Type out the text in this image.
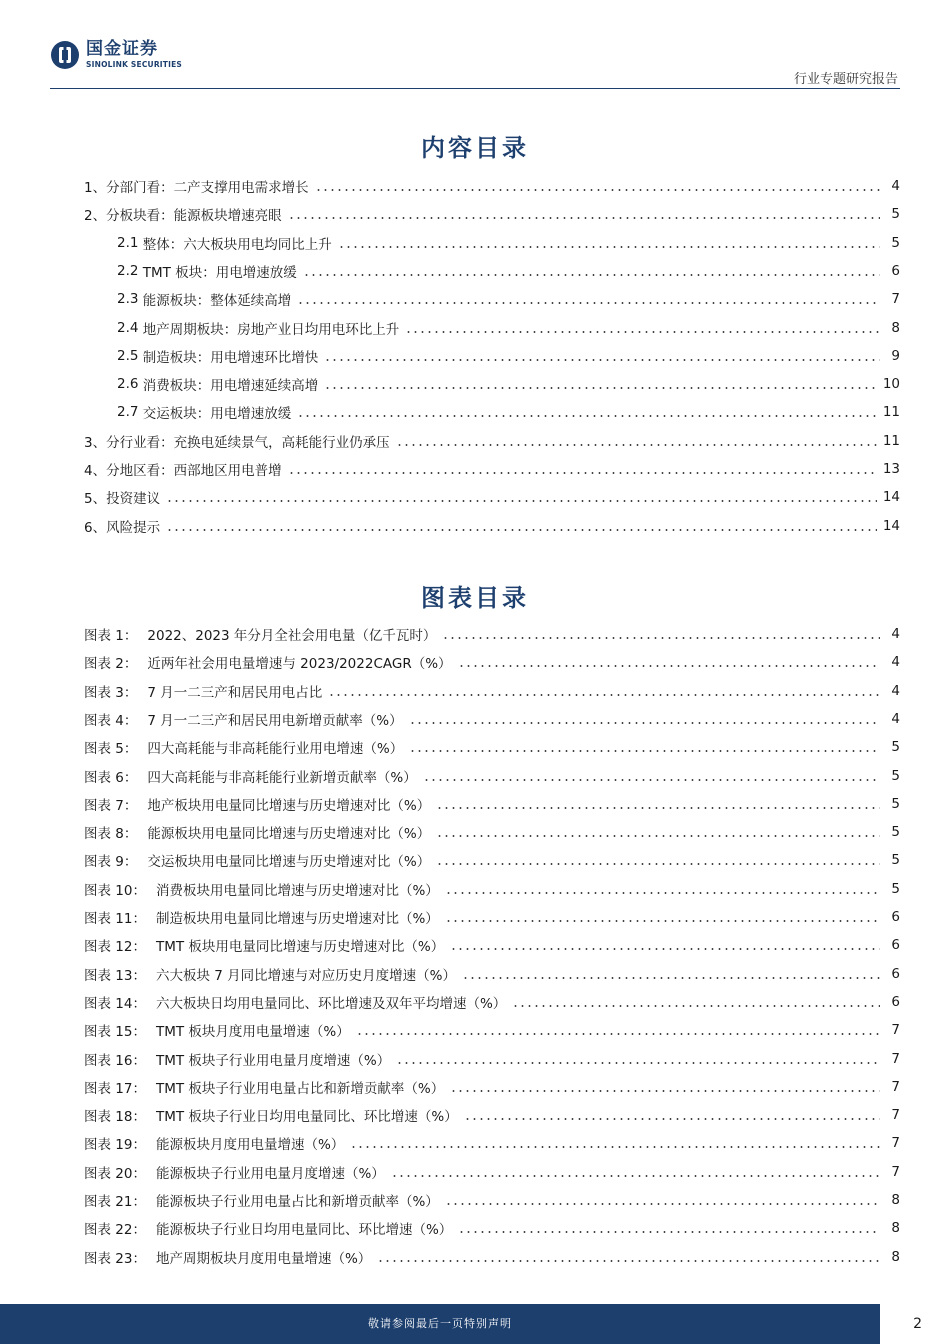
国金证券
SINOLINK SECURITIES
行业专题研究报告
内容目录
1、 分部门看：二产支撑用电需求增长	4
2、 分板块看：能源板块增速亮眼	5
2.1 整体：六大板块用电均同比上升	5
2.2 TMT 板块：用电增速放缓	6
2.3 能源板块：整体延续高增	7
2.4 地产周期板块：房地产业日均用电环比上升	8
2.5 制造板块：用电增速环比增快	9
2.6 消费板块：用电增速延续高增	10
2.7 交运板块：用电增速放缓	11
3、 分行业看：充换电延续景气，高耗能行业仍承压	11
4、 分地区看：西部地区用电普增	13
5、 投资建议	14
6、 风险提示	14
图表目录
图表 1： 2022、2023 年分月全社会用电量（亿千瓦时）	4
图表 2： 近两年社会用电量增速与 2023/2022CAGR（%）	4
图表 3： 7 月一二三产和居民用电占比	4
图表 4： 7 月一二三产和居民用电新增贡献率（%）	4
图表 5： 四大高耗能与非高耗能行业用电增速（%）	5
图表 6： 四大高耗能与非高耗能行业新增贡献率（%）	5
图表 7： 地产板块用电量同比增速与历史增速对比（%）	5
图表 8： 能源板块用电量同比增速与历史增速对比（%）	5
图表 9： 交运板块用电量同比增速与历史增速对比（%）	5
图表 10： 消费板块用电量同比增速与历史增速对比（%）	5
图表 11： 制造板块用电量同比增速与历史增速对比（%）	6
图表 12： TMT 板块用电量同比增速与历史增速对比（%）	6
图表 13： 六大板块 7 月同比增速与对应历史月度增速（%）	6
图表 14： 六大板块日均用电量同比、环比增速及双年平均增速（%）	6
图表 15： TMT 板块月度用电量增速（%）	7
图表 16： TMT 板块子行业用电量月度增速（%）	7
图表 17： TMT 板块子行业用电量占比和新增贡献率（%）	7
图表 18： TMT 板块子行业日均用电量同比、环比增速（%）	7
图表 19： 能源板块月度用电量增速（%）	7
图表 20： 能源板块子行业用电量月度增速（%）	7
图表 21： 能源板块子行业用电量占比和新增贡献率（%）	8
图表 22： 能源板块子行业日均用电量同比、环比增速（%）	8
图表 23： 地产周期板块月度用电量增速（%）	8
敬请参阅最后一页特别声明	2
